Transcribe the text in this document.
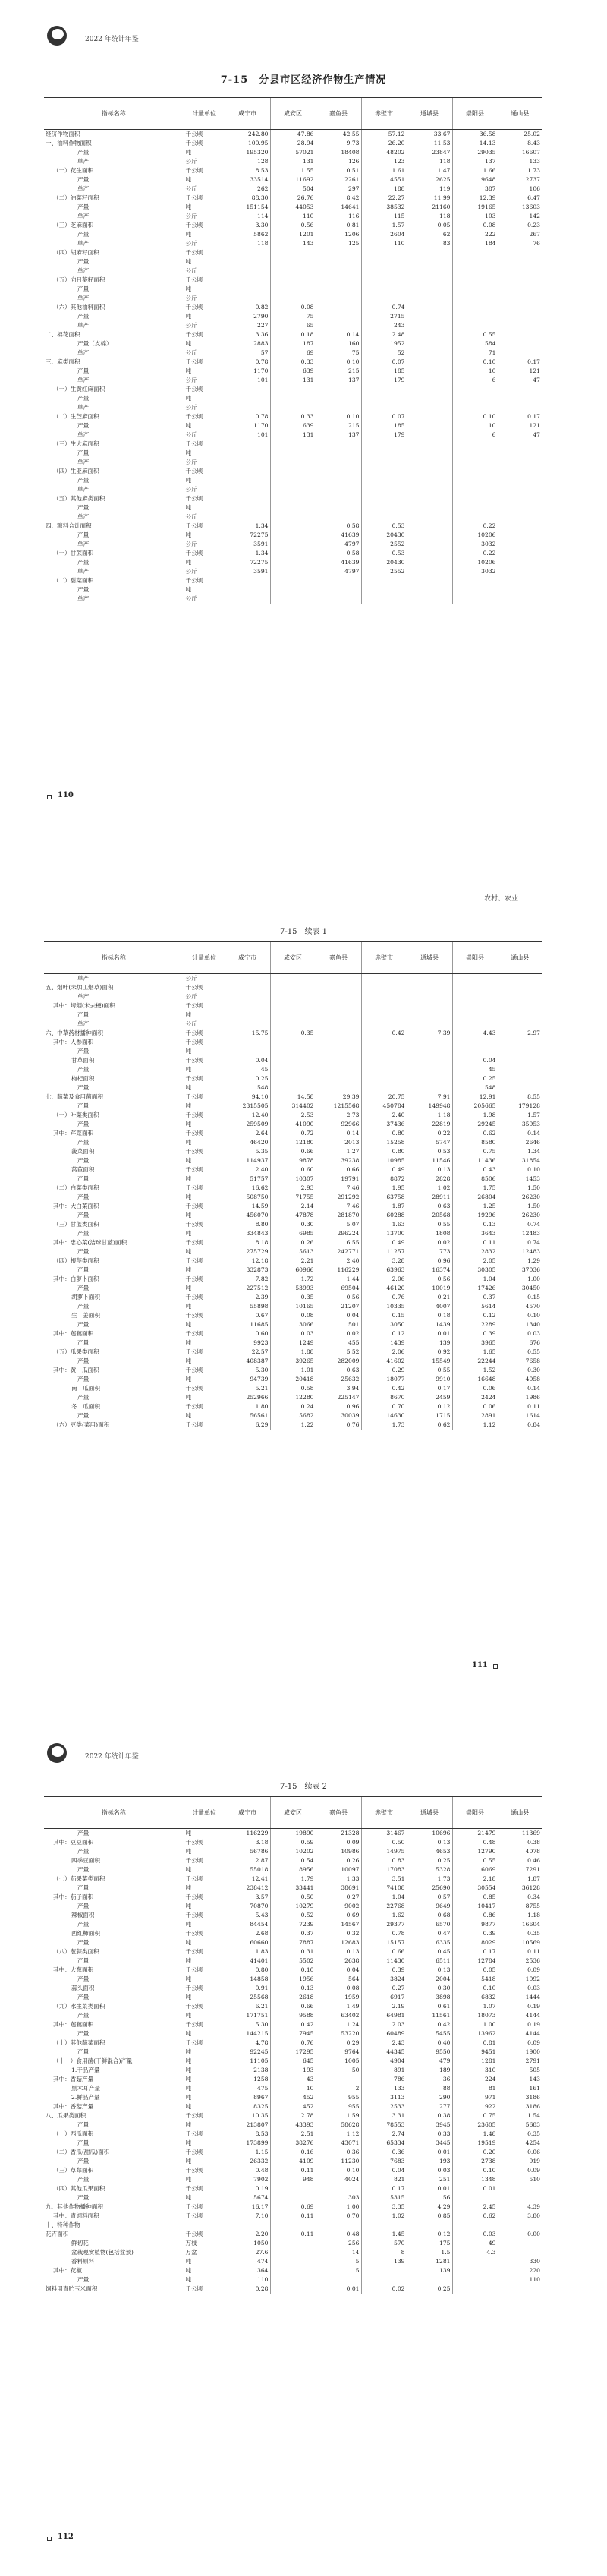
2022 年统计年鉴
7-15　分县市区经济作物生产情况
指标名称	计量单位	咸宁市	咸安区	嘉鱼县	赤壁市	通城县	崇阳县	通山县
经济作物面积	千公顷	242.80	47.86	42.55	57.12	33.67	36.58	25.02
一、油料作物面积	千公顷	100.95	28.94	9.73	26.20	11.53	14.13	8.43
产量	吨	195320	57021	18408	48202	23847	29035	16607
单产	公斤	128	131	126	123	118	137	133
（一）花生面积	千公顷	8.53	1.55	0.51	1.61	1.47	1.66	1.73
产量	吨	33514	11692	2261	4551	2625	9648	2737
单产	公斤	262	504	297	188	119	387	106
（二）油菜籽面积	千公顷	88.30	26.76	8.42	22.27	11.99	12.39	6.47
产量	吨	151154	44053	14641	38532	21160	19165	13603
单产	公斤	114	110	116	115	118	103	142
（三）芝麻面积	千公顷	3.30	0.56	0.81	1.57	0.05	0.08	0.23
产量	吨	5862	1201	1206	2604	62	222	267
单产	公斤	118	143	125	110	83	184	76
（四）胡麻籽面积	千公顷							
产量	吨							
单产	公斤							
（五）向日葵籽面积	千公顷							
产量	吨							
单产	公斤							
（六）其他油料面积	千公顷	0.82	0.08		0.74			
产量	吨	2790	75		2715			
单产	公斤	227	65		243			
二、棉花面积	千公顷	3.36	0.18	0.14	2.48		0.55	
产量（皮棉）	吨	2883	187	160	1952		584	
单产	公斤	57	69	75	52		71	
三、麻类面积	千公顷	0.78	0.33	0.10	0.07		0.10	0.17
产量	吨	1170	639	215	185		10	121
单产	公斤	101	131	137	179		6	47
（一）生黄红麻面积	千公顷							
产量	吨							
单产	公斤							
（二）生苎麻面积	千公顷	0.78	0.33	0.10	0.07		0.10	0.17
产量	吨	1170	639	215	185		10	121
单产	公斤	101	131	137	179		6	47
（三）生大麻面积	千公顷							
产量	吨							
单产	公斤							
（四）生亚麻面积	千公顷							
产量	吨							
单产	公斤							
（五）其他麻类面积	千公顷							
产量	吨							
单产	公斤							
四、糖料合计面积	千公顷	1.34		0.58	0.53		0.22	
产量	吨	72275		41639	20430		10206	
单产	公斤	3591		4797	2552		3032	
（一）甘蔗面积	千公顷	1.34		0.58	0.53		0.22	
产量	吨	72275		41639	20430		10206	
单产	公斤	3591		4797	2552		3032	
（二）甜菜面积	千公顷							
产量	吨							
单产	公斤							
110
农村、农业
7-15　续表 1
指标名称	计量单位	咸宁市	咸安区	嘉鱼县	赤壁市	通城县	崇阳县	通山县
单产	公斤							
五、烟叶(未加工烟草)面积	千公顷							
单产	公斤							
其中：烤烟(未去梗)面积	千公顷							
产量	吨							
单产	公斤							
六、中草药材播种面积	千公顷	15.75	0.35		0.42	7.39	4.43	2.97
其中：人参面积	千公顷							
产量	吨							
甘草面积	千公顷	0.04					0.04	
产量	吨	45					45	
枸杞面积	千公顷	0.25					0.25	
产量	吨	548					548	
七、蔬菜及食用菌面积	千公顷	94.10	14.58	29.39	20.75	7.91	12.91	8.55
产量	吨	2315505	314402	1215568	450784	149948	205665	179128
（一）叶菜类面积	千公顷	12.40	2.53	2.73	2.40	1.18	1.98	1.57
产量	吨	259509	41090	92966	37436	22819	29245	35953
其中：芹菜面积	千公顷	2.64	0.72	0.14	0.80	0.22	0.62	0.14
产量	吨	46420	12180	2013	15258	5747	8580	2646
菠菜面积	千公顷	5.35	0.66	1.27	0.80	0.53	0.75	1.34
产量	吨	114937	9878	39238	10985	11546	11436	31854
莴苣面积	千公顷	2.40	0.60	0.66	0.49	0.13	0.43	0.10
产量	吨	51757	10307	19791	8872	2828	8506	1453
（二）白菜类面积	千公顷	16.62	2.93	7.46	1.95	1.02	1.75	1.50
产量	吨	508750	71755	291292	63758	28911	26804	26230
其中：大白菜面积	千公顷	14.59	2.14	7.46	1.87	0.63	1.25	1.50
产量	吨	456070	47878	281870	60288	20568	19296	26230
（三）甘蓝类面积	千公顷	8.80	0.30	5.07	1.63	0.55	0.13	0.74
产量	吨	334843	6985	296224	13700	1808	3643	12483
其中：忠心菜(洁球甘蓝)面积	千公顷	8.18	0.26	6.55	0.49	0.02	0.11	0.74
产量	吨	275729	5613	242771	11257	773	2832	12483
（四）根茎类面积	千公顷	12.18	2.21	2.40	3.28	0.96	2.05	1.29
产量	吨	332873	60966	116229	63963	16374	30305	37036
其中：白萝卜面积	千公顷	7.82	1.72	1.44	2.06	0.56	1.04	1.00
产量	吨	227512	53993	69504	46120	10019	17426	30450
胡萝卜面积	千公顷	2.39	0.35	0.56	0.76	0.21	0.37	0.15
产量	吨	55898	10165	21207	10335	4007	5614	4570
生　姜面积	千公顷	0.67	0.08	0.04	0.15	0.18	0.12	0.10
产量	吨	11685	3066	501	3050	1439	2289	1340
其中：莲藕面积	千公顷	0.60	0.03	0.02	0.12	0.01	0.39	0.03
产量	吨	9923	1249	455	1439	139	3965	676
（五）瓜果类面积	千公顷	22.57	1.88	5.52	2.06	0.92	1.65	0.55
产量	吨	408387	39265	282009	41602	15549	22244	7658
其中：黄　瓜面积	千公顷	5.30	1.01	0.63	0.29	0.55	1.52	0.30
产量	吨	94739	20418	25632	18077	9910	16648	4058
南　瓜面积	千公顷	5.21	0.58	3.94	0.42	0.17	0.06	0.14
产量	吨	252966	12280	225147	8670	2459	2424	1986
冬　瓜面积	千公顷	1.80	0.24	0.96	0.70	0.12	0.06	0.11
产量	吨	56561	5682	30039	14630	1715	2891	1614
（六）豆类(菜用)面积	千公顷	6.29	1.22	0.76	1.73	0.62	1.12	0.84
111
2022 年统计年鉴
7-15　续表 2
指标名称	计量单位	咸宁市	咸安区	嘉鱼县	赤壁市	通城县	崇阳县	通山县
产量	吨	116229	19890	21328	31467	10696	21479	11369
其中：豆豆面积	千公顷	3.18	0.59	0.09	0.50	0.13	0.48	0.38
产量	吨	56786	10202	10986	14975	4653	12790	4078
四季豆面积	千公顷	2.87	0.54	0.26	0.83	0.25	0.55	0.46
产量	吨	55018	8956	10097	17083	5328	6069	7291
（七）茄果菜类面积	千公顷	12.41	1.79	1.33	3.51	1.73	2.18	1.87
产量	吨	238412	33441	38691	74108	25690	30554	36128
其中：茄子面积	千公顷	3.57	0.50	0.27	1.04	0.57	0.85	0.34
产量	吨	70870	10279	9002	22768	9649	10417	8755
辣椒面积	千公顷	5.43	0.52	0.69	1.62	0.68	0.86	1.18
产量	吨	84454	7239	14567	29377	6570	9877	16604
西红柿面积	千公顷	2.68	0.37	0.32	0.78	0.47	0.39	0.35
产量	吨	60660	7887	12683	15157	6335	8029	10569
（八）葱蒜类面积	千公顷	1.83	0.31	0.13	0.66	0.45	0.17	0.11
产量	吨	41401	5502	2638	11430	6511	12784	2536
其中：大葱面积	千公顷	0.80	0.10	0.04	0.39	0.13	0.05	0.09
产量	吨	14858	1956	564	3824	2004	5418	1092
蒜头面积	千公顷	0.91	0.13	0.08	0.27	0.30	0.10	0.03
产量	吨	25568	2618	1959	6917	3898	6832	1444
（九）水生菜类面积	千公顷	6.21	0.66	1.49	2.19	0.61	1.07	0.19
产量	吨	171751	9588	63402	64981	11561	18073	4144
其中：莲藕面积	千公顷	5.30	0.42	1.24	2.03	0.42	1.00	0.19
产量	吨	144215	7945	53220	60489	5455	13962	4144
（十）其他蔬菜面积	千公顷	4.78	0.76	0.29	2.43	0.40	0.81	0.09
产量	吨	92245	17295	9764	44345	9550	9451	1900
（十一）食用菌(干鲜混合)产量	吨	11105	645	1005	4904	479	1281	2791
1.干品产量	吨	2138	193	50	891	189	310	505
其中：香菇产量	吨	1258	43		786	36	224	143
黑木耳产量	吨	475	10	2	133	88	81	161
2.鲜品产量	吨	8967	452	955	3113	290	971	3186
其中：香菇产量	吨	8325	452	955	2533	277	922	3186
八、瓜果类面积	千公顷	10.35	2.78	1.59	3.31	0.38	0.75	1.54
产量	吨	213807	43393	58628	78553	3945	23605	5683
（一）西瓜面积	千公顷	8.53	2.51	1.12	2.74	0.33	1.48	0.35
产量	吨	173899	38276	43071	65334	3445	19519	4254
（二）香瓜(甜瓜)面积	千公顷	1.15	0.16	0.36	0.36	0.01	0.20	0.06
产量	吨	26332	4109	11230	7683	193	2738	919
（三）草莓面积	千公顷	0.48	0.11	0.10	0.04	0.03	0.10	0.09
产量	吨	7902	948	4024	821	251	1348	510
（四）其他瓜果面积	千公顷	0.19			0.17	0.01	0.01	
产量	吨	5674		303	5315	56		
九、其他作物播种面积	千公顷	16.17	0.69	1.00	3.35	4.29	2.45	4.39
其中：青饲料面积	千公顷	7.10	0.11	0.70	1.02	0.85	0.62	3.80
十、特种作物								
花卉面积	千公顷	2.20	0.11	0.48	1.45	0.12	0.03	0.00
鲜切花	万枝	1050		256	570	175	49	
盆栽观赏植物(包括盆景)	万盆	27.6		14	8	1.5	4.3	
香料原料	吨	474		5	139	1281		330
其中：花椒	吨	364		5		139		220
产量	吨	110						110
饲料用青贮玉米面积	千公顷	0.28		0.01	0.02	0.25		
112
